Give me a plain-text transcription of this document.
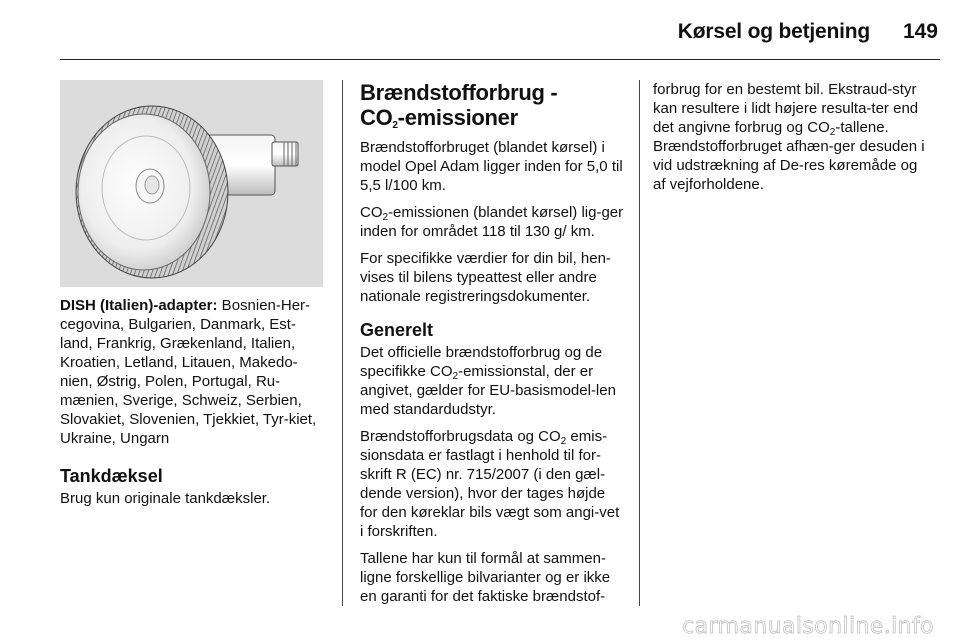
Kørsel og betjening	149

DISH (Italien)-adapter: Bosnien-Her-cegovina, Bulgarien, Danmark, Est-land, Frankrig, Grækenland, Italien, Kroatien, Letland, Litauen, Makedo-nien, Østrig, Polen, Portugal, Ru-mænien, Sverige, Schweiz, Serbien, Slovakiet, Slovenien, Tjekkiet, Tyr-kiet, Ukraine, Ungarn

Tankdæksel

Brug kun originale tankdæksler.

Brændstofforbrug -
$CO_2$-emissioner

Brændstofforbruget (blandet kørsel) i model Opel Adam ligger inden for 5,0 til 5,5 l/100 km.

$CO_2$-emissionen (blandet kørsel) lig-ger inden for området 118 til 130 g/ km.

For specifikke værdier for din bil, hen-vises til bilens typeattest eller andre nationale registreringsdokumenter.

Generelt

Det officielle brændstofforbrug og de specifikke $CO_2$-emissionstal, der er angivet, gælder for EU-basismodel-len med standardudstyr.

Brændstofforbrugsdata og $CO_2$ emis-sionsdata er fastlagt i henhold til for-skrift R (EC) nr. 715/2007 (i den gæl-dende version), hvor der tages højde for den køreklar bils vægt som angi-vet i forskriften.

Tallene har kun til formål at sammen-ligne forskellige bilvarianter og er ikke en garanti for det faktiske brændstof-

forbrug for en bestemt bil. Ekstraud-styr kan resultere i lidt højere resulta-ter end det angivne forbrug og $CO_2$-tallene. Brændstofforbruget afhæn-ger desuden i vid udstrækning af De-res køremåde og af vejforholdene.

carmanualsonline.info
